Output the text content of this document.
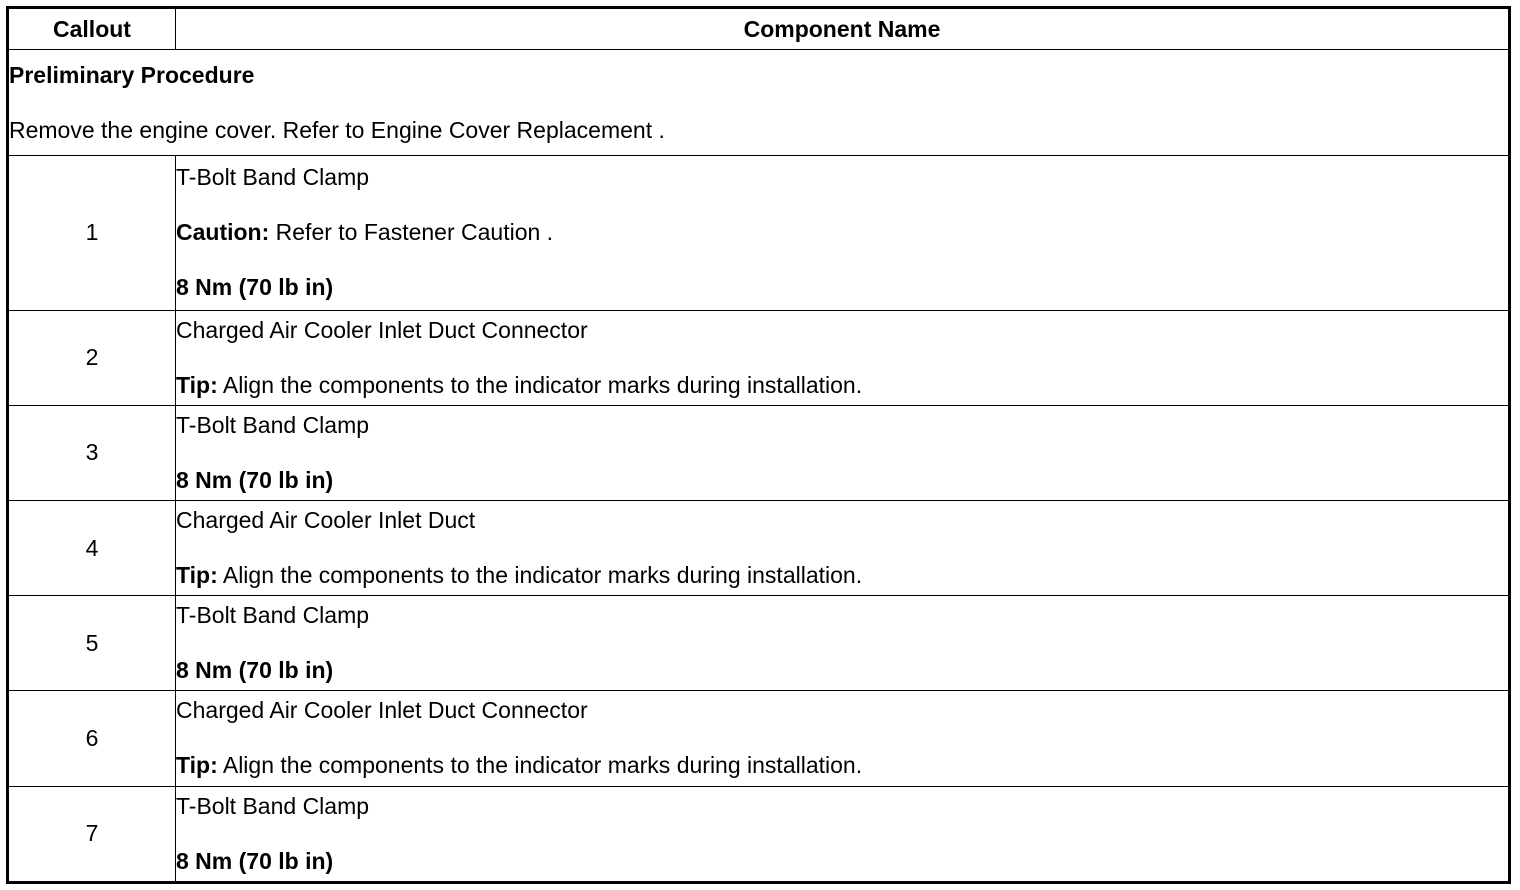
Callout	Component Name

Preliminary Procedure
Remove the engine cover. Refer to Engine Cover Replacement .	

1	T-Bolt Band Clamp
Caution: Refer to Fastener Caution .
8 Nm (70 lb in)

2	Charged Air Cooler Inlet Duct Connector
Tip: Align the components to the indicator marks during installation.

3	T-Bolt Band Clamp
8 Nm (70 lb in)

4	Charged Air Cooler Inlet Duct
Tip: Align the components to the indicator marks during installation.

5	T-Bolt Band Clamp
8 Nm (70 lb in)

6	Charged Air Cooler Inlet Duct Connector
Tip: Align the components to the indicator marks during installation.

7	T-Bolt Band Clamp
8 Nm (70 lb in)
